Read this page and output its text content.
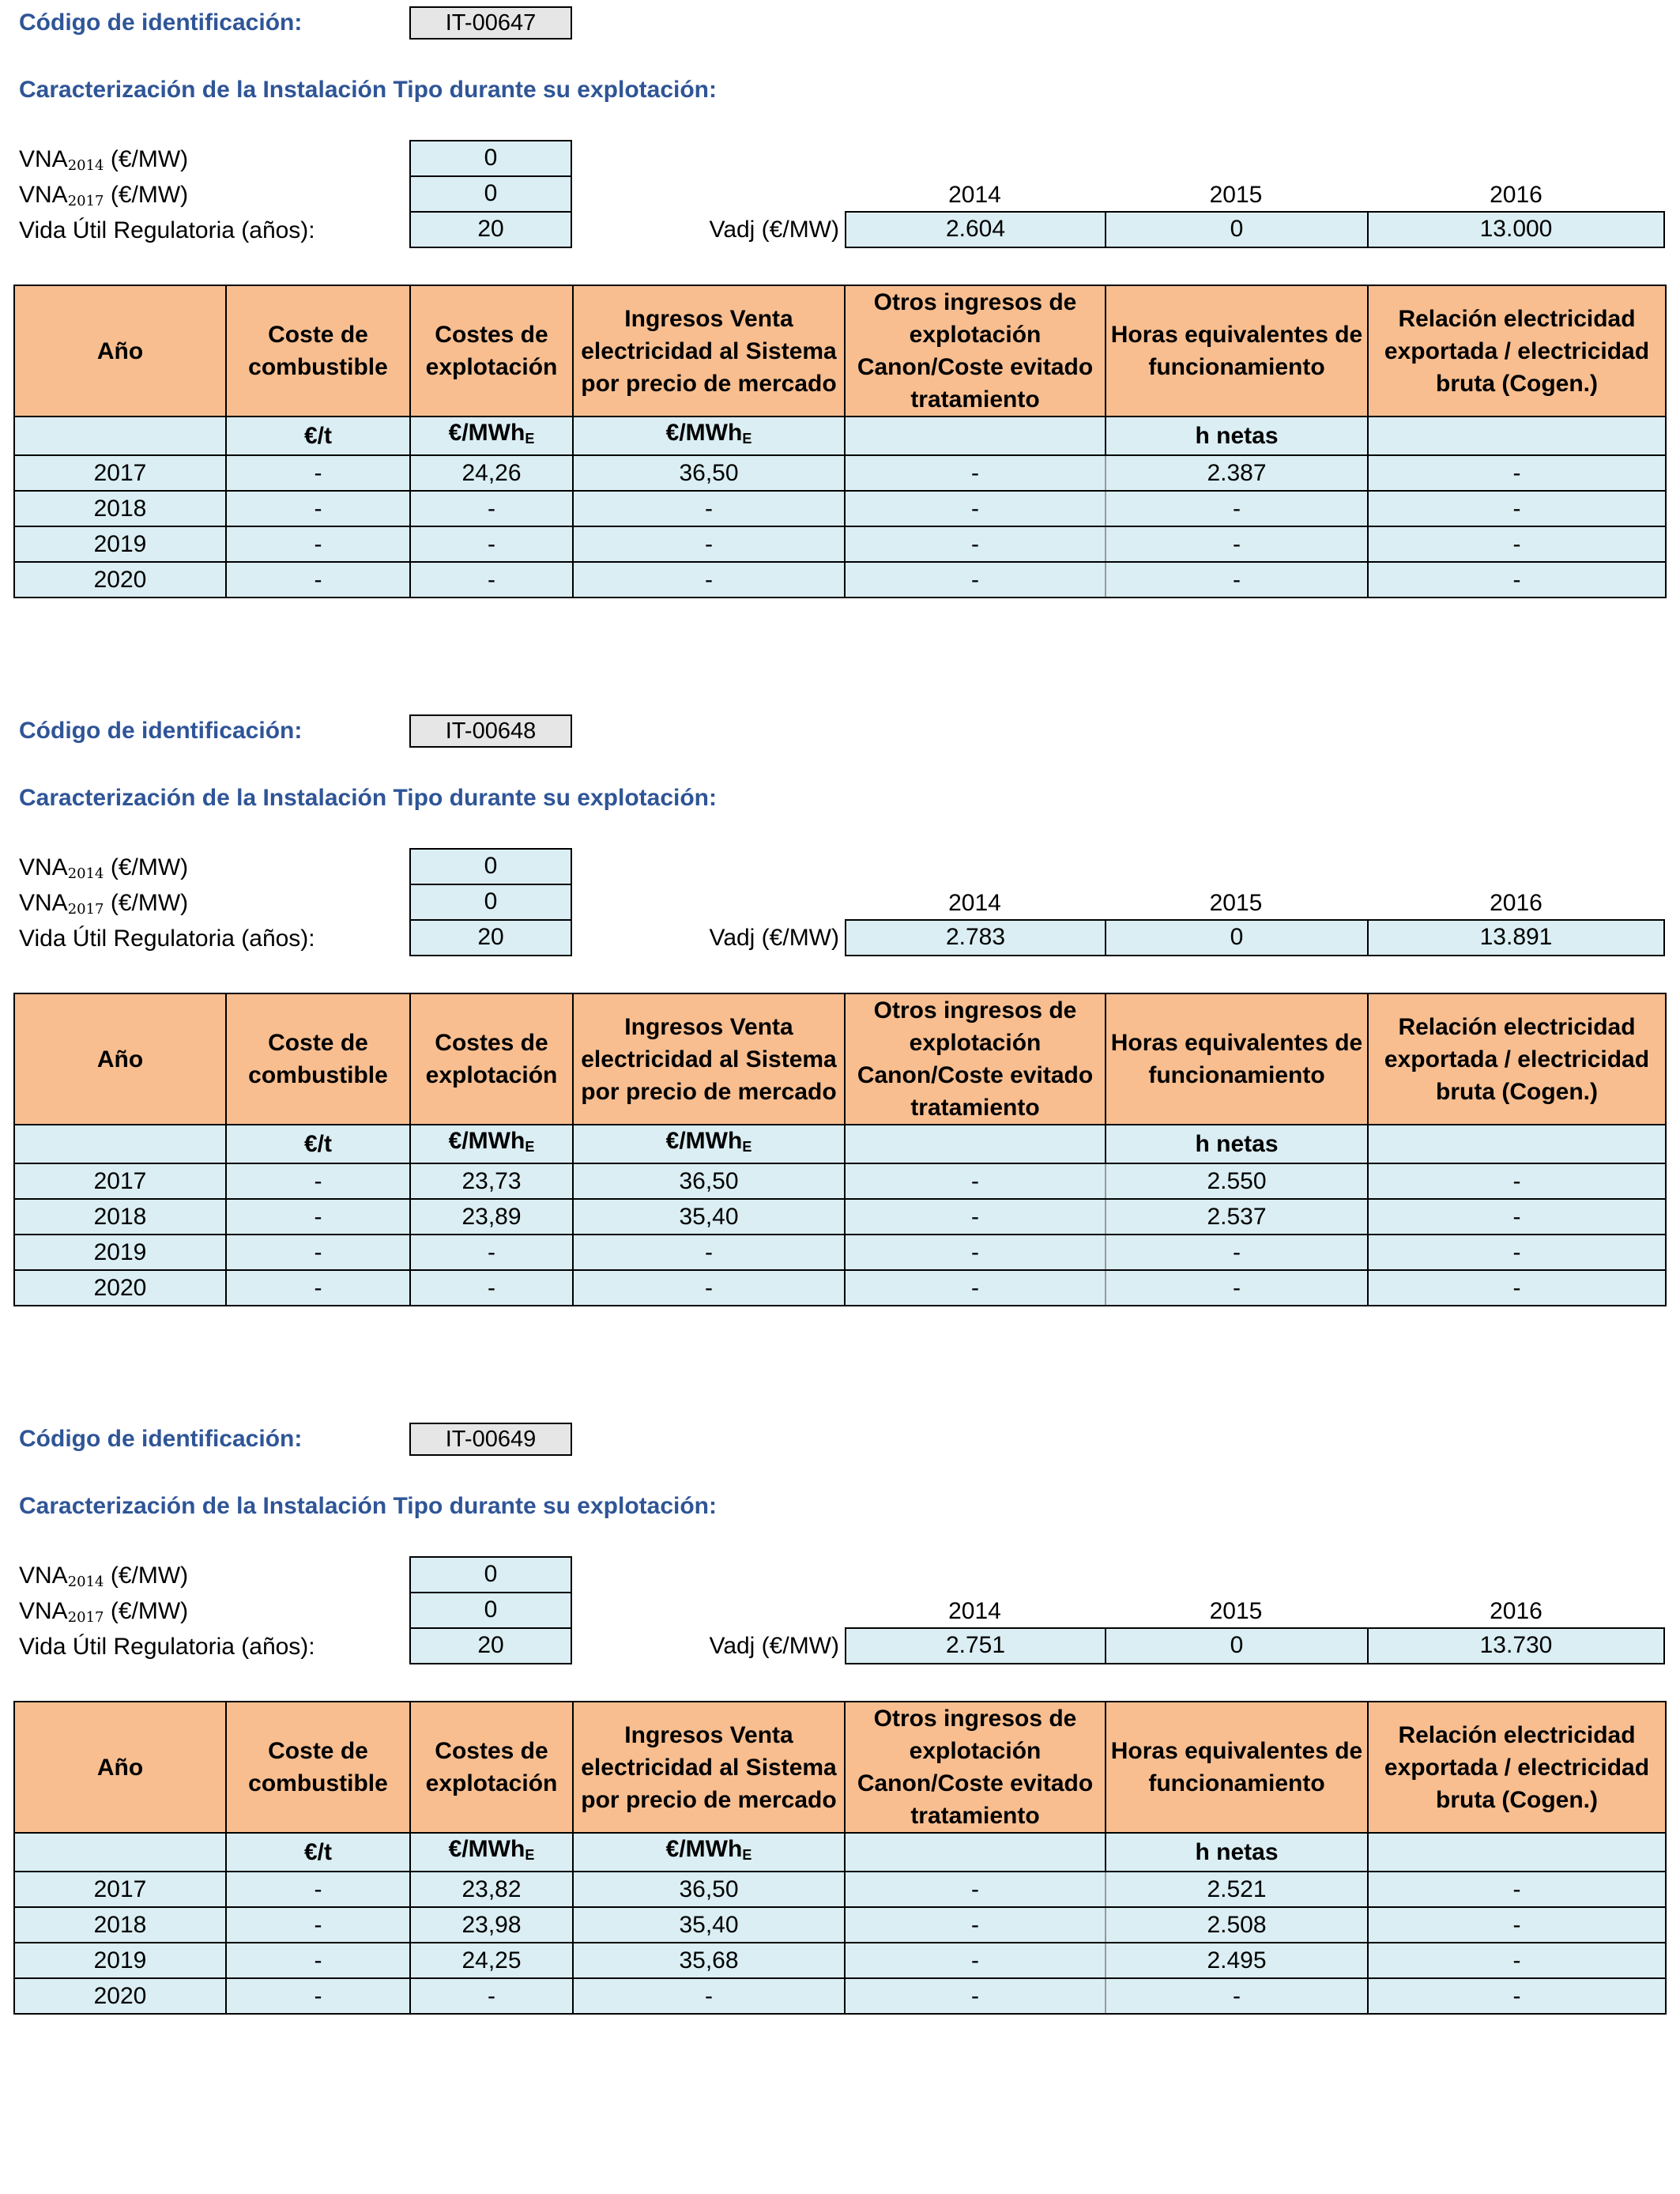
Código de identificación:	IT-00647
Caracterización de la Instalación Tipo durante su explotación:
$VNA_{2014}$ (€/MW)	0
$VNA_{2017}$ (€/MW)	0
Vida Útil Regulatoria (años):	20
2014	2015	2016
Vadj (€/MW)	2.604	0	13.000
Año	Coste de combustible	Costes de explotación	Ingresos Venta electricidad al Sistema por precio de mercado	Otros ingresos de explotación Canon/Coste evitado tratamiento	Horas equivalentes de funcionamiento	Relación electricidad exportada / electricidad bruta (Cogen.)
	€/t	€/MWh$_E$	€/MWh$_E$		h netas	
2017	-	24,26	36,50	-	2.387	-
2018	-	-	-	-	-	-
2019	-	-	-	-	-	-
2020	-	-	-	-	-	-
Código de identificación:	IT-00648
Caracterización de la Instalación Tipo durante su explotación:
$VNA_{2014}$ (€/MW)	0
$VNA_{2017}$ (€/MW)	0
Vida Útil Regulatoria (años):	20
2014	2015	2016
Vadj (€/MW)	2.783	0	13.891
Año	Coste de combustible	Costes de explotación	Ingresos Venta electricidad al Sistema por precio de mercado	Otros ingresos de explotación Canon/Coste evitado tratamiento	Horas equivalentes de funcionamiento	Relación electricidad exportada / electricidad bruta (Cogen.)
	€/t	€/MWh$_E$	€/MWh$_E$		h netas	
2017	-	23,73	36,50	-	2.550	-
2018	-	23,89	35,40	-	2.537	-
2019	-	-	-	-	-	-
2020	-	-	-	-	-	-
Código de identificación:	IT-00649
Caracterización de la Instalación Tipo durante su explotación:
$VNA_{2014}$ (€/MW)	0
$VNA_{2017}$ (€/MW)	0
Vida Útil Regulatoria (años):	20
2014	2015	2016
Vadj (€/MW)	2.751	0	13.730
Año	Coste de combustible	Costes de explotación	Ingresos Venta electricidad al Sistema por precio de mercado	Otros ingresos de explotación Canon/Coste evitado tratamiento	Horas equivalentes de funcionamiento	Relación electricidad exportada / electricidad bruta (Cogen.)
	€/t	€/MWh$_E$	€/MWh$_E$		h netas	
2017	-	23,82	36,50	-	2.521	-
2018	-	23,98	35,40	-	2.508	-
2019	-	24,25	35,68	-	2.495	-
2020	-	-	-	-	-	-
